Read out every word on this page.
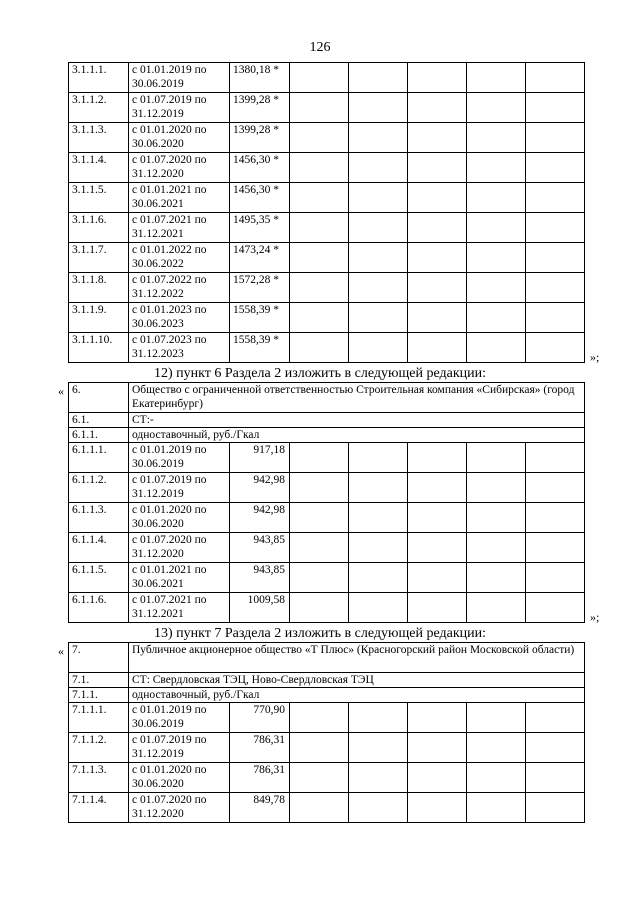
126
3.1.1.1.	с 01.01.2019 по 30.06.2019	1380,18 *					
3.1.1.2.	с 01.07.2019 по 31.12.2019	1399,28 *					
3.1.1.3.	с 01.01.2020 по 30.06.2020	1399,28 *					
3.1.1.4.	с 01.07.2020 по 31.12.2020	1456,30 *					
3.1.1.5.	с 01.01.2021 по 30.06.2021	1456,30 *					
3.1.1.6.	с 01.07.2021 по 31.12.2021	1495,35 *					
3.1.1.7.	с 01.01.2022 по 30.06.2022	1473,24 *					
3.1.1.8.	с 01.07.2022 по 31.12.2022	1572,28 *					
3.1.1.9.	с 01.01.2023 по 30.06.2023	1558,39 *					
3.1.1.10.	с 01.07.2023 по 31.12.2023	1558,39 *					
»;
12) пункт 6 Раздела 2 изложить в следующей редакции:
« 6.	Общество с ограниченной ответственностью Строительная компания «Сибирская» (город Екатеринбург)						
6.1.	СТ:-						
6.1.1.	одноставочный, руб./Гкал						
6.1.1.1.	с 01.01.2019 по 30.06.2019	917,18					
6.1.1.2.	с 01.07.2019 по 31.12.2019	942,98					
6.1.1.3.	с 01.01.2020 по 30.06.2020	942,98					
6.1.1.4.	с 01.07.2020 по 31.12.2020	943,85					
6.1.1.5.	с 01.01.2021 по 30.06.2021	943,85					
6.1.1.6.	с 01.07.2021 по 31.12.2021	1009,58					
»;
13) пункт 7 Раздела 2 изложить в следующей редакции:
« 7.	Публичное акционерное общество «Т Плюс» (Красногорский район Московской области)						
7.1.	СТ: Свердловская ТЭЦ, Ново-Свердловская ТЭЦ						
7.1.1.	одноставочный, руб./Гкал						
7.1.1.1.	с 01.01.2019 по 30.06.2019	770,90					
7.1.1.2.	с 01.07.2019 по 31.12.2019	786,31					
7.1.1.3.	с 01.01.2020 по 30.06.2020	786,31					
7.1.1.4.	с 01.07.2020 по 31.12.2020	849,78					
